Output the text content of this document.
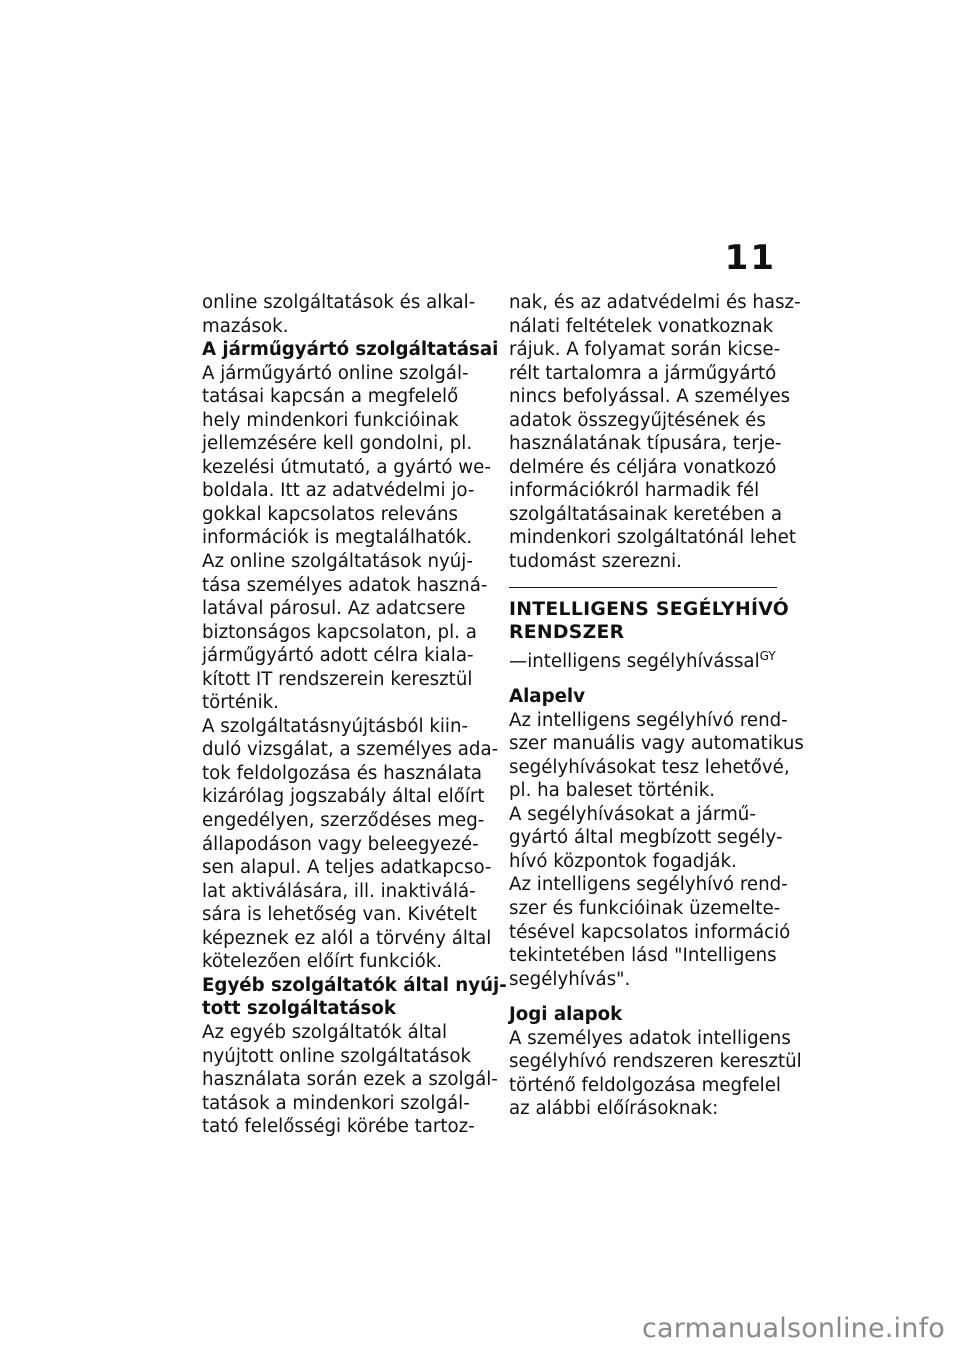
11
online szolgáltatások és alkal-
mazások.
A járműgyártó szolgáltatásai
A járműgyártó online szolgál-
tatásai kapcsán a megfelelő
hely mindenkori funkcióinak
jellemzésére kell gondolni, pl.
kezelési útmutató, a gyártó we-
boldala. Itt az adatvédelmi jo-
gokkal kapcsolatos releváns
információk is megtalálhatók.
Az online szolgáltatások nyúj-
tása személyes adatok haszná-
latával párosul. Az adatcsere
biztonságos kapcsolaton, pl. a
járműgyártó adott célra kiala-
kított IT rendszerein keresztül
történik.
A szolgáltatásnyújtásból kiin-
duló vizsgálat, a személyes ada-
tok feldolgozása és használata
kizárólag jogszabály által előírt
engedélyen, szerződéses meg-
állapodáson vagy beleegyezé-
sen alapul. A teljes adatkapcso-
lat aktiválására, ill. inaktiválá-
sára is lehetőség van. Kivételt
képeznek ez alól a törvény által
kötelezően előírt funkciók.
Egyéb szolgáltatók által nyúj-
tott szolgáltatások
Az egyéb szolgáltatók által
nyújtott online szolgáltatások
használata során ezek a szolgál-
tatások a mindenkori szolgál-
tató felelősségi körébe tartoz-
nak, és az adatvédelmi és hasz-
nálati feltételek vonatkoznak
rájuk. A folyamat során kicse-
rélt tartalomra a járműgyártó
nincs befolyással. A személyes
adatok összegyűjtésének és
használatának típusára, terje-
delmére és céljára vonatkozó
információkról harmadik fél
szolgáltatásainak keretében a
mindenkori szolgáltatónál lehet
tudomást szerezni.
INTELLIGENS SEGÉLYHÍVÓ
RENDSZER
—intelligens segélyhívással$^{GY}$
Alapelv
Az intelligens segélyhívó rend-
szer manuális vagy automatikus
segélyhívásokat tesz lehetővé,
pl. ha baleset történik.
A segélyhívásokat a jármű-
gyártó által megbízott segély-
hívó központok fogadják.
Az intelligens segélyhívó rend-
szer és funkcióinak üzemelte-
tésével kapcsolatos információ
tekintetében lásd "Intelligens
segélyhívás".
Jogi alapok
A személyes adatok intelligens
segélyhívó rendszeren keresztül
történő feldolgozása megfelel
az alábbi előírásoknak:
carmanualsonline.info
